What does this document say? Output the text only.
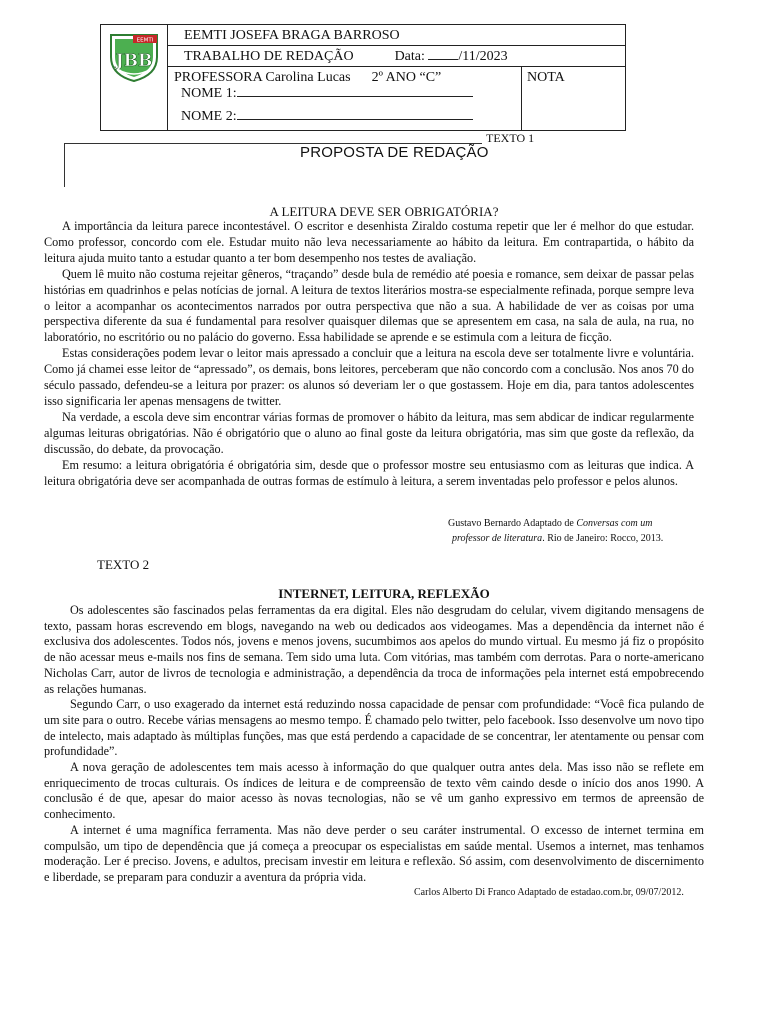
EEMTI
JBB
EEMTI JOSEFA BRAGA BARROSO
TRABALHO DE REDAÇÃO	Data: /11/2023
PROFESSORA Carolina Lucas 2º ANO “C”	NOTA
NOME 1:
NOME 2:
TEXTO 1
PROPOSTA DE REDAÇÃO
A LEITURA DEVE SER OBRIGATÓRIA?

A importância da leitura parece incontestável. O escritor e desenhista Ziraldo costuma repetir que ler é melhor do que estudar. Como professor, concordo com ele. Estudar muito não leva necessariamente ao hábito da leitura. Em contrapartida, o hábito da leitura ajuda muito tanto a estudar quanto a ter bom desempenho nos testes de avaliação.

Quem lê muito não costuma rejeitar gêneros, “traçando” desde bula de remédio até poesia e romance, sem deixar de passar pelas histórias em quadrinhos e pelas notícias de jornal. A leitura de textos literários mostra-se especialmente refinada, porque sempre leva o leitor a acompanhar os acontecimentos narrados por outra perspectiva que não a sua. A habilidade de ver as coisas por uma perspectiva diferente da sua é fundamental para resolver quaisquer dilemas que se apresentem em casa, na sala de aula, na rua, no laboratório, no escritório ou no palácio do governo. Essa habilidade se aprende e se estimula com a leitura de ficção.

Estas considerações podem levar o leitor mais apressado a concluir que a leitura na escola deve ser totalmente livre e voluntária. Como já chamei esse leitor de “apressado”, os demais, bons leitores, perceberam que não concordo com a conclusão. Nos anos 70 do século passado, defendeu-se a leitura por prazer: os alunos só deveriam ler o que gostassem. Hoje em dia, para tantos adolescentes isso significaria ler apenas mensagens de twitter.

Na verdade, a escola deve sim encontrar várias formas de promover o hábito da leitura, mas sem abdicar de indicar regularmente algumas leituras obrigatórias. Não é obrigatório que o aluno ao final goste da leitura obrigatória, mas sim que goste da reflexão, da discussão, do debate, da provocação.

Em resumo: a leitura obrigatória é obrigatória sim, desde que o professor mostre seu entusiasmo com as leituras que indica. A leitura obrigatória deve ser acompanhada de outras formas de estímulo à leitura, a serem inventadas pelo professor e pelos alunos.

Gustavo Bernardo Adaptado de Conversas com um
professor de literatura. Rio de Janeiro: Rocco, 2013.
TEXTO 2
INTERNET, LEITURA, REFLEXÃO

Os adolescentes são fascinados pelas ferramentas da era digital. Eles não desgrudam do celular, vivem digitando mensagens de texto, passam horas escrevendo em blogs, navegando na web ou dedicados aos videogames. Mas a dependência da internet não é exclusiva dos adolescentes. Todos nós, jovens e menos jovens, sucumbimos aos apelos do mundo virtual. Eu mesmo já fiz o propósito de não acessar meus e-mails nos fins de semana. Tem sido uma luta. Com vitórias, mas também com derrotas. Para o norte-americano Nicholas Carr, autor de livros de tecnologia e administração, a dependência da troca de informações pela internet está empobrecendo as relações humanas.

Segundo Carr, o uso exagerado da internet está reduzindo nossa capacidade de pensar com profundidade: “Você fica pulando de um site para o outro. Recebe várias mensagens ao mesmo tempo. É chamado pelo twitter, pelo facebook. Isso desenvolve um novo tipo de intelecto, mais adaptado às múltiplas funções, mas que está perdendo a capacidade de se concentrar, ler atentamente ou pensar com profundidade”.

A nova geração de adolescentes tem mais acesso à informação do que qualquer outra antes dela. Mas isso não se reflete em enriquecimento de trocas culturais. Os índices de leitura e de compreensão de texto vêm caindo desde o início dos anos 1990. A conclusão é de que, apesar do maior acesso às novas tecnologias, não se vê um ganho expressivo em termos de apreensão de conhecimento.

A internet é uma magnífica ferramenta. Mas não deve perder o seu caráter instrumental. O excesso de internet termina em compulsão, um tipo de dependência que já começa a preocupar os especialistas em saúde mental. Usemos a internet, mas tenhamos moderação. Ler é preciso. Jovens, e adultos, precisam investir em leitura e reflexão. Só assim, com desenvolvimento de discernimento e liberdade, se preparam para conduzir a aventura da própria vida.

Carlos Alberto Di Franco Adaptado de estadao.com.br, 09/07/2012.
